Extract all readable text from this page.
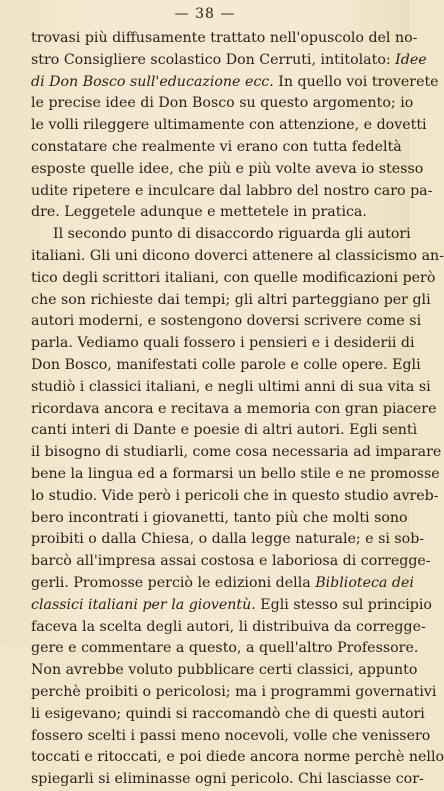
— 38 —
trovasi più diffusamente trattato nell'opuscolo del no-
stro Consigliere scolastico Don Cerruti, intitolato: Idee
di Don Bosco sull'educazione ecc. In quello voi troverete
le precise idee di Don Bosco su questo argomento; io
le volli rileggere ultimamente con attenzione, e dovetti
constatare che realmente vi erano con tutta fedeltà
esposte quelle idee, che più e più volte aveva io stesso
udite ripetere e inculcare dal labbro del nostro caro pa-
dre. Leggetele adunque e mettetele in pratica.
Il secondo punto di disaccordo riguarda gli autori
italiani. Gli uni dicono doverci attenere al classicismo an-
tico degli scrittori italiani, con quelle modificazioni però
che son richieste dai tempi; gli altri parteggiano per gli
autori moderni, e sostengono doversi scrivere come si
parla. Vediamo quali fossero i pensieri e i desiderii di
Don Bosco, manifestati colle parole e colle opere. Egli
studiò i classici italiani, e negli ultimi anni di sua vita si
ricordava ancora e recitava a memoria con gran piacere
canti interi di Dante e poesie di altri autori. Egli sentì
il bisogno di studiarli, come cosa necessaria ad imparare
bene la lingua ed a formarsi un bello stile e ne promosse
lo studio. Vide però i pericoli che in questo studio avreb-
bero incontrati i giovanetti, tanto più che molti sono
proibiti o dalla Chiesa, o dalla legge naturale; e si sob-
barcò all'impresa assai costosa e laboriosa di corregge-
gerli. Promosse perciò le edizioni della Biblioteca dei
classici italiani per la gioventù. Egli stesso sul principio
faceva la scelta degli autori, li distribuiva da corregge-
gere e commentare a questo, a quell'altro Professore.
Non avrebbe voluto pubblicare certi classici, appunto
perchè proibiti o pericolosi; ma i programmi governativi
li esigevano; quindi si raccomandò che di questi autori
fossero scelti i passi meno nocevoli, volle che venissero
toccati e ritoccati, e poi diede ancora norme perchè nello
spiegarli si eliminasse ogni pericolo. Chi lasciasse cor-
